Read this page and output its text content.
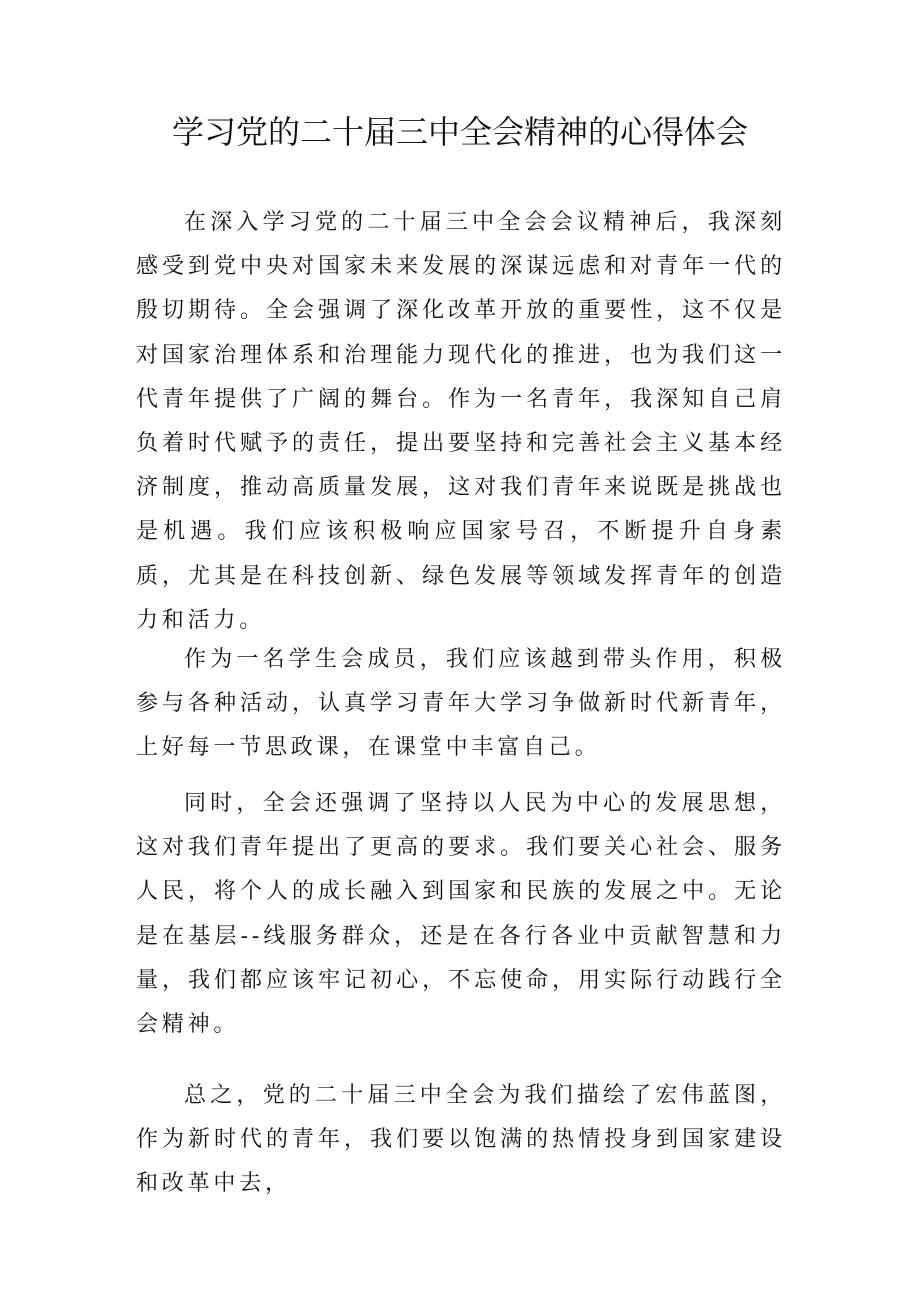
学习党的二十届三中全会精神的心得体会

在深入学习党的二十届三中全会会议精神后，我深刻感受到党中央对国家未来发展的深谋远虑和对青年一代的殷切期待。全会强调了深化改革开放的重要性，这不仅是对国家治理体系和治理能力现代化的推进，也为我们这一代青年提供了广阔的舞台。作为一名青年，我深知自己肩负着时代赋予的责任，提出要坚持和完善社会主义基本经济制度，推动高质量发展，这对我们青年来说既是挑战也是机遇。我们应该积极响应国家号召，不断提升自身素质，尤其是在科技创新、绿色发展等领域发挥青年的创造力和活力。

作为一名学生会成员，我们应该越到带头作用，积极参与各种活动，认真学习青年大学习争做新时代新青年，上好每一节思政课，在课堂中丰富自己。

同时，全会还强调了坚持以人民为中心的发展思想，这对我们青年提出了更高的要求。我们要关心社会、服务人民，将个人的成长融入到国家和民族的发展之中。无论是在基层--线服务群众，还是在各行各业中贡献智慧和力量，我们都应该牢记初心，不忘使命，用实际行动践行全会精神。

总之，党的二十届三中全会为我们描绘了宏伟蓝图，作为新时代的青年，我们要以饱满的热情投身到国家建设和改革中去，
